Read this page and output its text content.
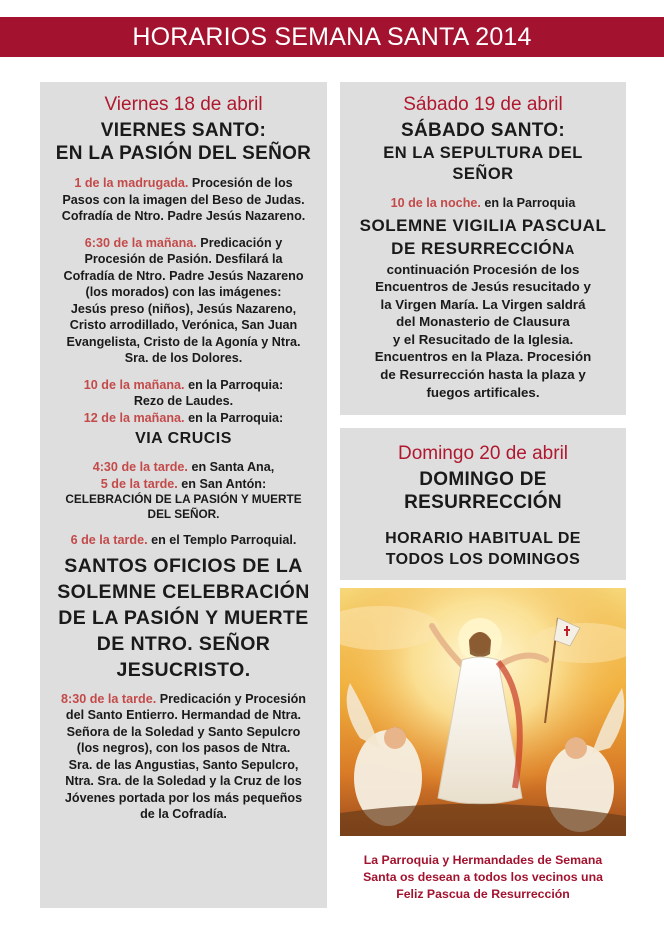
HORARIOS SEMANA SANTA 2014

Viernes 18 de abril

VIERNES SANTO:

EN LA PASIÓN DEL SEÑOR

1 de la madrugada. Procesión de los

Pasos con la imagen del Beso de Judas.

Cofradía de Ntro. Padre Jesús Nazareno.

6:30 de la mañana. Predicación y

Procesión de Pasión. Desfilará la

Cofradía de Ntro. Padre Jesús Nazareno

(los morados) con las imágenes:

Jesús preso (niños), Jesús Nazareno,

Cristo arrodillado, Verónica, San Juan

Evangelista, Cristo de la Agonía y Ntra.

Sra. de los Dolores.

10 de la mañana. en la Parroquia:

Rezo de Laudes.

12 de la mañana. en la Parroquia:

VIA CRUCIS

4:30 de la tarde. en Santa Ana,

5 de la tarde. en San Antón:

CELEBRACIÓN DE LA PASIÓN Y MUERTE

DEL SEÑOR.

6 de la tarde. en el Templo Parroquial.

SANTOS OFICIOS DE LA
SOLEMNE CELEBRACIÓN
DE LA PASIÓN Y MUERTE
DE NTRO. SEÑOR
JESUCRISTO.

8:30 de la tarde. Predicación y Procesión

del Santo Entierro. Hermandad de Ntra.

Señora de la Soledad y Santo Sepulcro

(los negros), con los pasos de Ntra.

Sra. de las Angustias, Santo Sepulcro,

Ntra. Sra. de la Soledad y la Cruz de los

Jóvenes portada por los más pequeños

de la Cofradía.

Sábado 19 de abril

SÁBADO SANTO:

EN LA SEPULTURA DEL

SEÑOR

10 de la noche. en la Parroquia

SOLEMNE VIGILIA PASCUAL

DE RESURRECCIÓNA

continuación Procesión de los

Encuentros de Jesús resucitado y

la Virgen María. La Virgen saldrá

del Monasterio de Clausura

y el Resucitado de la Iglesia.

Encuentros en la Plaza. Procesión

de Resurrección hasta la plaza y

fuegos artificales.

Domingo 20 de abril

DOMINGO DE

RESURRECCIÓN

HORARIO HABITUAL DE

TODOS LOS DOMINGOS

La Parroquia y Hermandades de Semana
Santa os desean a todos los vecinos una
Feliz Pascua de Resurrección
